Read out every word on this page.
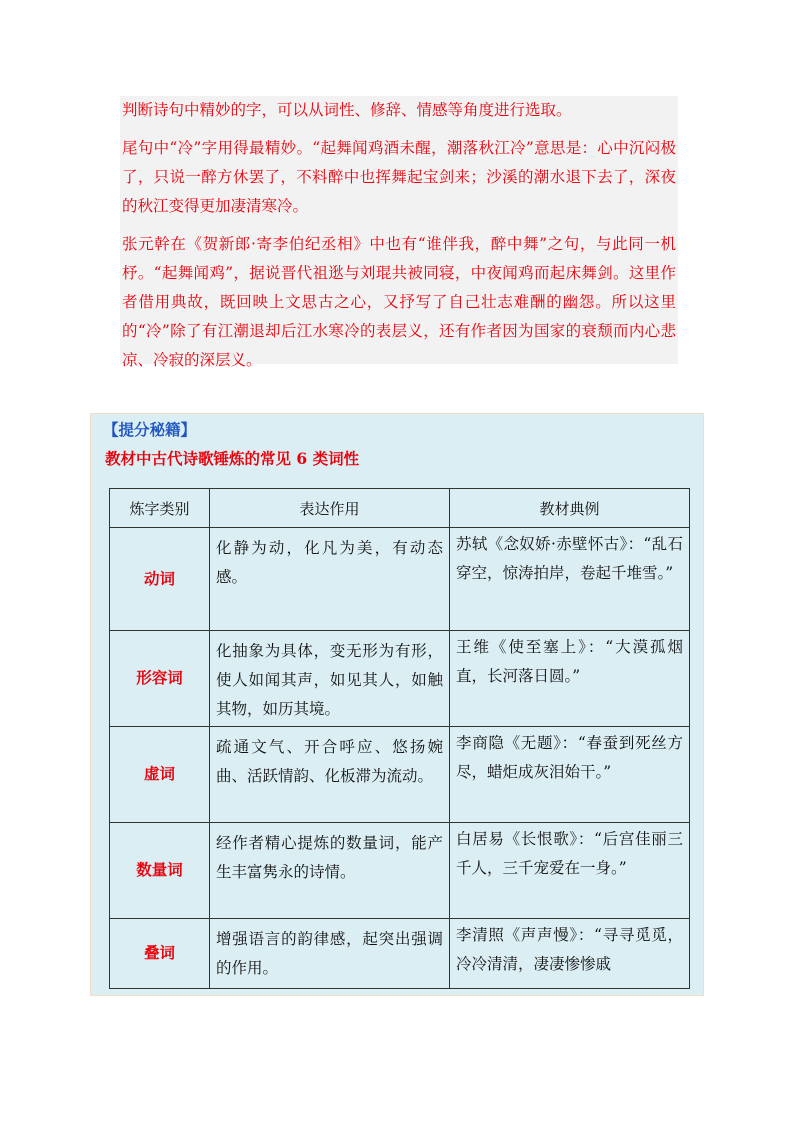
判断诗句中精妙的字，可以从词性、修辞、情感等角度进行选取。

尾句中“冷”字用得最精妙。“起舞闻鸡酒未醒，潮落秋江冷”意思是：心中沉闷极了，只说一醉方休罢了，不料醉中也挥舞起宝剑来；沙溪的潮水退下去了，深夜的秋江变得更加凄清寒冷。

张元幹在《贺新郎·寄李伯纪丞相》中也有“谁伴我，醉中舞”之句，与此同一机杼。“起舞闻鸡”，据说晋代祖逖与刘琨共被同寝，中夜闻鸡而起床舞剑。这里作者借用典故，既回映上文思古之心，又抒写了自己壮志难酬的幽怨。所以这里的“冷”除了有江潮退却后江水寒冷的表层义，还有作者因为国家的衰颓而内心悲凉、冷寂的深层义。

【提分秘籍】
教材中古代诗歌锤炼的常见 6 类词性
炼字类别	表达作用	教材典例
动词	化静为动，化凡为美，有动态感。	苏轼《念奴娇·赤壁怀古》：“乱石穿空，惊涛拍岸，卷起千堆雪。”
形容词	化抽象为具体，变无形为有形，使人如闻其声，如见其人，如触其物，如历其境。	王维《使至塞上》：“大漠孤烟直，长河落日圆。”
虚词	疏通文气、开合呼应、悠扬婉曲、活跃情韵、化板滞为流动。	李商隐《无题》：“春蚕到死丝方尽，蜡炬成灰泪始干。”
数量词	经作者精心提炼的数量词，能产生丰富隽永的诗情。	白居易《长恨歌》：“后宫佳丽三千人，三千宠爱在一身。”
叠词	增强语言的韵律感，起突出强调的作用。	李清照《声声慢》：“寻寻觅觅，冷冷清清，凄凄惨惨戚
